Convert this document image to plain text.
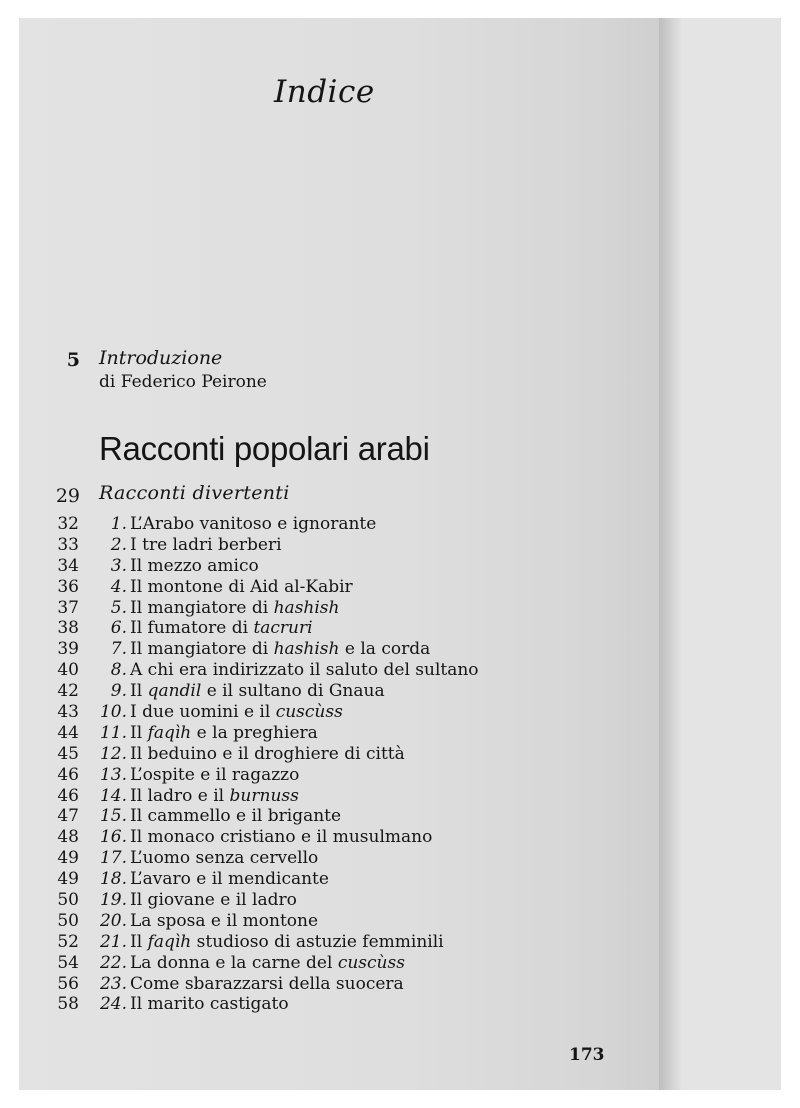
Indice
5 Introduzione
di Federico Peirone
Racconti popolari arabi
29 Racconti divertenti
32	1. L’Arabo vanitoso e ignorante
33	2. I tre ladri berberi
34	3. Il mezzo amico
36	4. Il montone di Aid al-Kabir
37	5. Il mangiatore di hashish
38	6. Il fumatore di tacruri
39	7. Il mangiatore di hashish e la corda
40	8. A chi era indirizzato il saluto del sultano
42	9. Il qandil e il sultano di Gnaua
43	10. I due uomini e il cuscùss
44	11. Il faqìh e la preghiera
45	12. Il beduino e il droghiere di città
46	13. L’ospite e il ragazzo
46	14. Il ladro e il burnuss
47	15. Il cammello e il brigante
48	16. Il monaco cristiano e il musulmano
49	17. L’uomo senza cervello
49	18. L’avaro e il mendicante
50	19. Il giovane e il ladro
50	20. La sposa e il montone
52	21. Il faqìh studioso di astuzie femminili
54	22. La donna e la carne del cuscùss
56	23. Come sbarazzarsi della suocera
58	24. Il marito castigato
173
